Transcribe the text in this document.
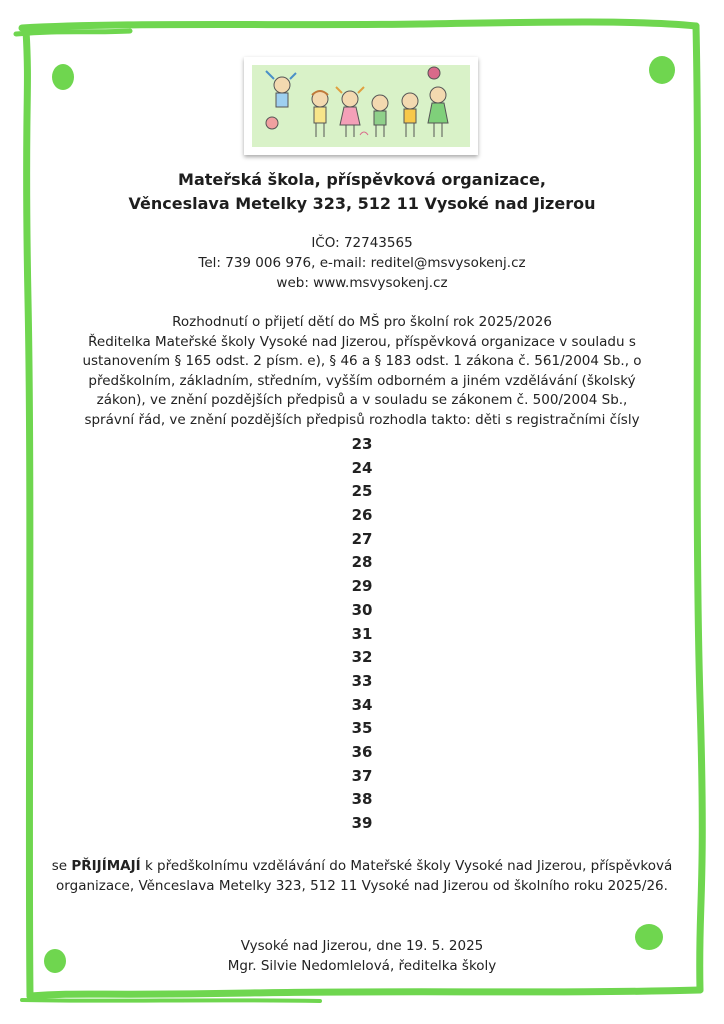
Mateřská škola, příspěvková organizace,
Věnceslava Metelky 323, 512 11 Vysoké nad Jizerou
IČO: 72743565
Tel: 739 006 976, e-mail: reditel@msvysokenj.cz
web: www.msvysokenj.cz
Rozhodnutí o přijetí dětí do MŠ pro školní rok 2025/2026
Ředitelka Mateřské školy Vysoké nad Jizerou, příspěvková organizace v souladu s ustanovením § 165 odst. 2 písm. e), § 46 a § 183 odst. 1 zákona č. 561/2004 Sb., o předškolním, základním, středním, vyšším odborném a jiném vzdělávání (školský zákon), ve znění pozdějších předpisů a v souladu se zákonem č. 500/2004 Sb., správní řád, ve znění pozdějších předpisů rozhodla takto: děti s registračními čísly
23
24
25
26
27
28
29
30
31
32
33
34
35
36
37
38
39
se PŘIJÍMAJÍ k předškolnímu vzdělávání do Mateřské školy Vysoké nad Jizerou, příspěvková organizace, Věnceslava Metelky 323, 512 11 Vysoké nad Jizerou od školního roku 2025/26.
Vysoké nad Jizerou, dne 19. 5. 2025
Mgr. Silvie Nedomlelová, ředitelka školy
